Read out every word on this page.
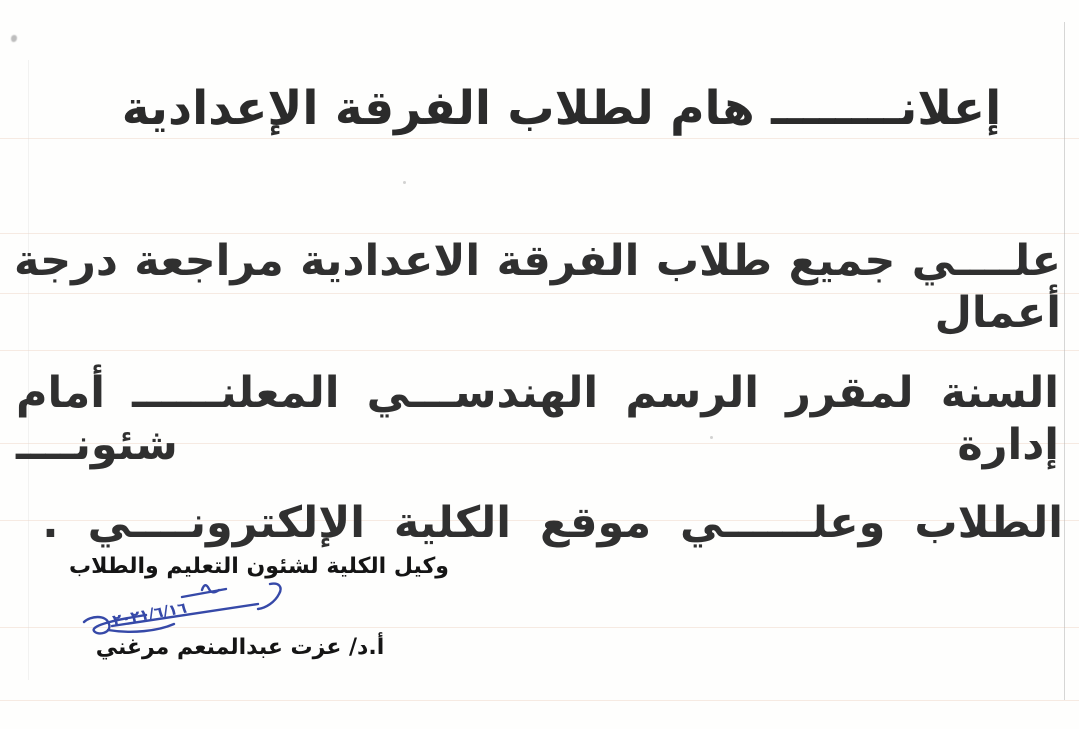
إعلانــــــــ هام لطلاب الفرقة الإعدادية

علــــي جميع طلاب الفرقة الاعدادية مراجعة درجة أعمال

السنة لمقرر الرسم الهندســـي المعلنــــــ أمام إدارة شئونــــ

الطلاب وعلــــــي موقع الكلية الإلكترونــــي .

وكيل الكلية لشئون التعليم والطلاب
٢٠٢١/٦/١٦
أ.د/ عزت عبدالمنعم مرغني
